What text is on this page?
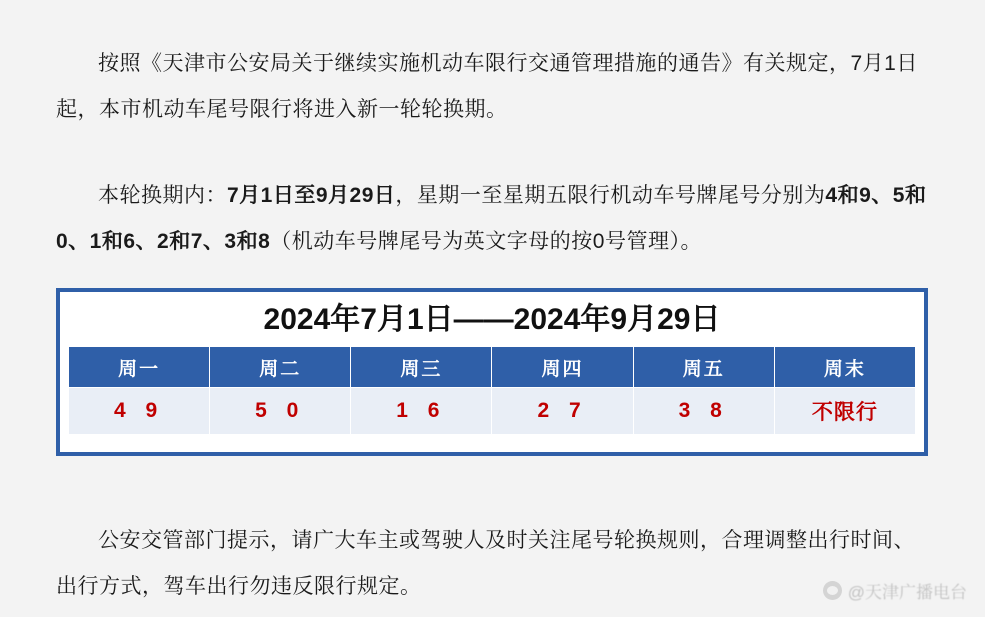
按照《天津市公安局关于继续实施机动车限行交通管理措施的通告》有关规定，7月1日起，本市机动车尾号限行将进入新一轮轮换期。

本轮换期内：7月1日至9月29日，星期一至星期五限行机动车号牌尾号分别为4和9、5和0、1和6、2和7、3和8（机动车号牌尾号为英文字母的按0号管理）。

2024年7月1日——2024年9月29日
周一	周二	周三	周四	周五	周末
4 9	5 0	1 6	2 7	3 8	不限行

公安交管部门提示，请广大车主或驾驶人及时关注尾号轮换规则，合理调整出行时间、出行方式，驾车出行勿违反限行规定。	@天津广播电台
